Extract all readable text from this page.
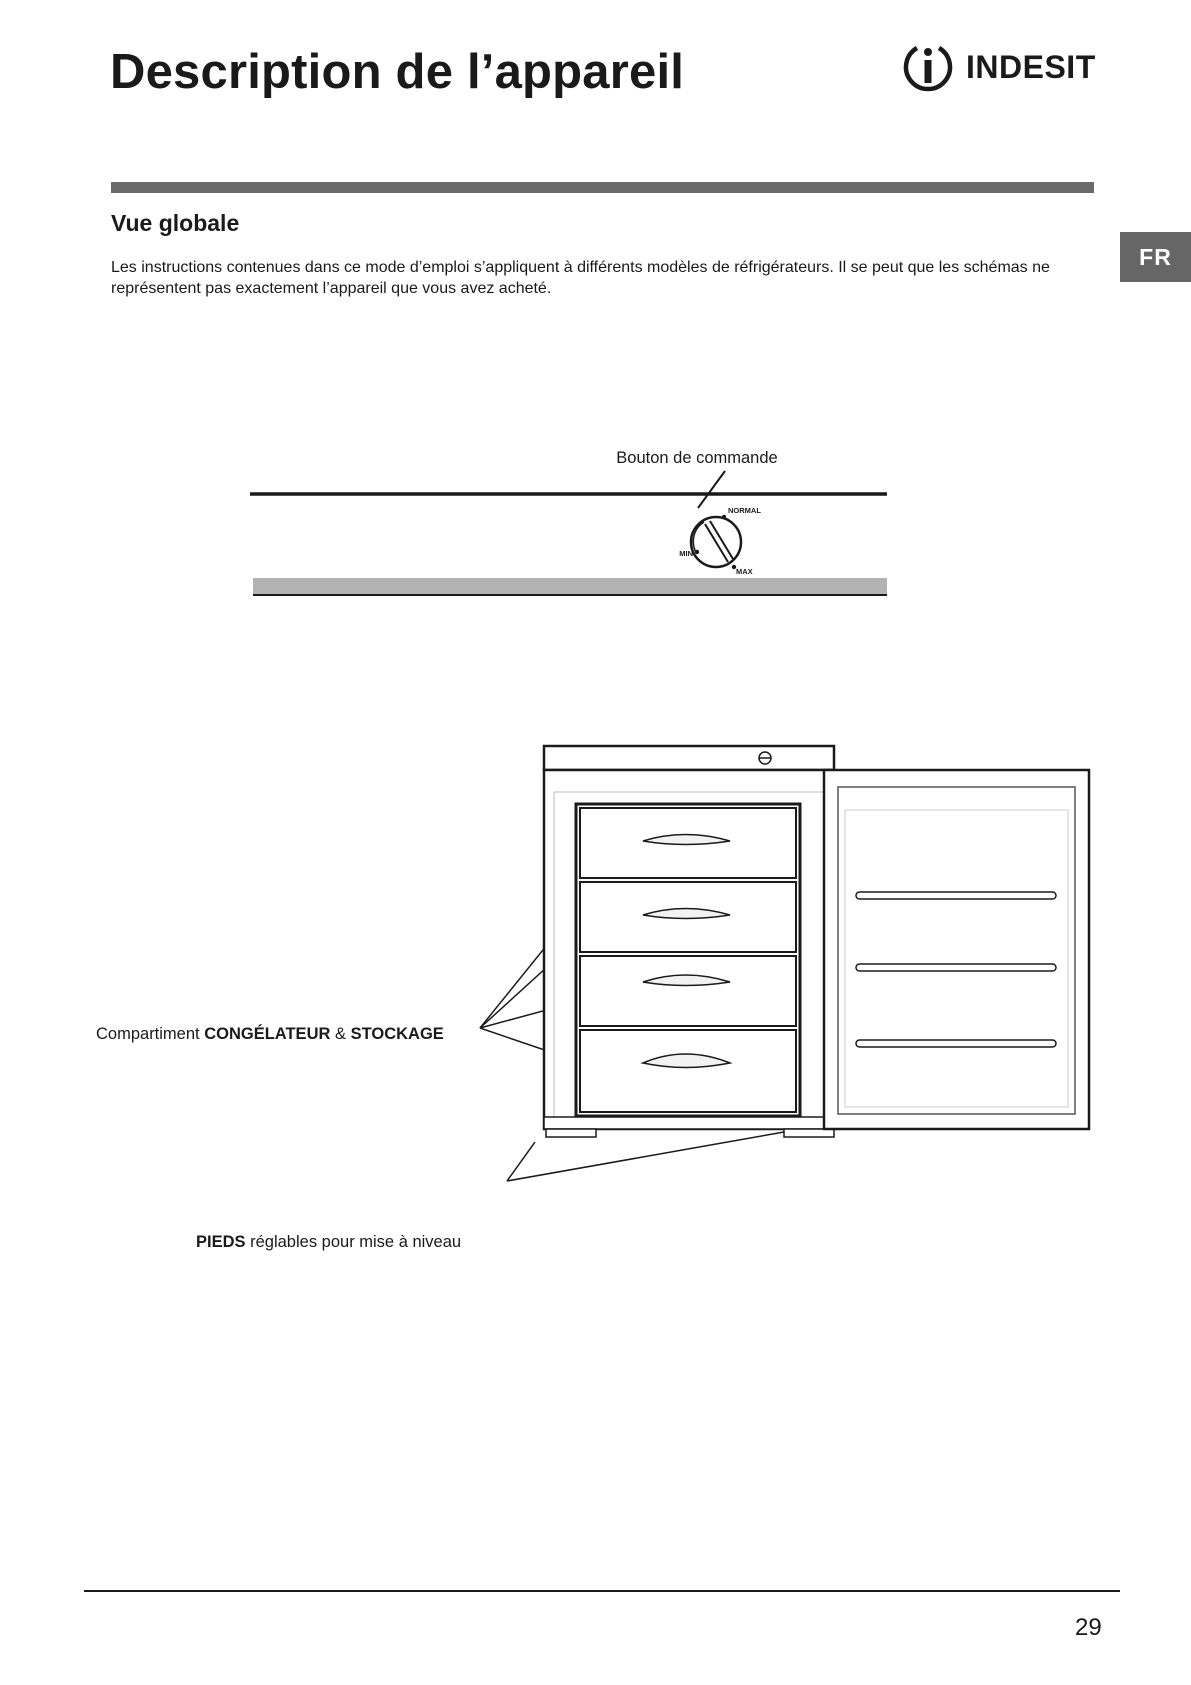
Description de l’appareil	INDESIT
Vue globale

Les instructions contenues dans ce mode d’emploi s’appliquent à différents modèles de réfrigérateurs. Il se peut que les schémas ne représentent pas exactement l’appareil que vous avez acheté.

FR
Bouton de commande
NORMAL
MIN
MAX
Compartiment CONGÉLATEUR & STOCKAGE
PIEDS réglables pour mise à niveau
29
